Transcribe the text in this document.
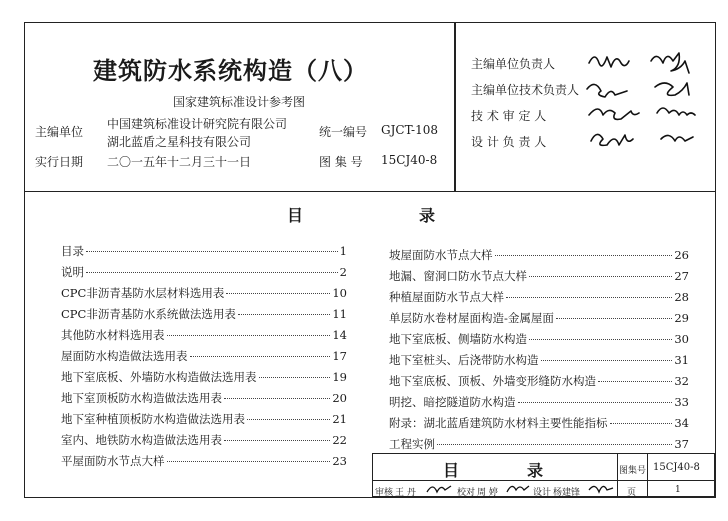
建筑防水系统构造（八）
国家建筑标准设计参考图
主编单位
中国建筑标准设计研究院有限公司
湖北蓝盾之星科技有限公司
实行日期 二〇一五年十二月三十一日
统一编号 GJCT-108
图 集 号 15CJ40-8
主编单位负责人
主编单位技术负责人
技 术 审 定 人
设 计 负 责 人
目	录
目录	1
说明	2
CPC非沥青基防水层材料选用表	10
CPC非沥青基防水系统做法选用表	11
其他防水材料选用表	14
屋面防水构造做法选用表	17
地下室底板、外墙防水构造做法选用表	19
地下室顶板防水构造做法选用表	20
地下室种植顶板防水构造做法选用表	21
室内、地铁防水构造做法选用表	22
平屋面防水节点大样	23
坡屋面防水节点大样	26
地漏、窗洞口防水节点大样	27
种植屋面防水节点大样	28
单层防水卷材屋面构造-金属屋面	29
地下室底板、侧墙防水构造	30
地下室桩头、后浇带防水构造	31
地下室底板、顶板、外墙变形缝防水构造	32
明挖、暗挖隧道防水构造	33
附录：湖北蓝盾建筑防水材料主要性能指标	34
工程实例	37
目	录	图集号 15CJ40-8
审核 王 丹	校对 周 婷	设计 杨建锋	页	1
